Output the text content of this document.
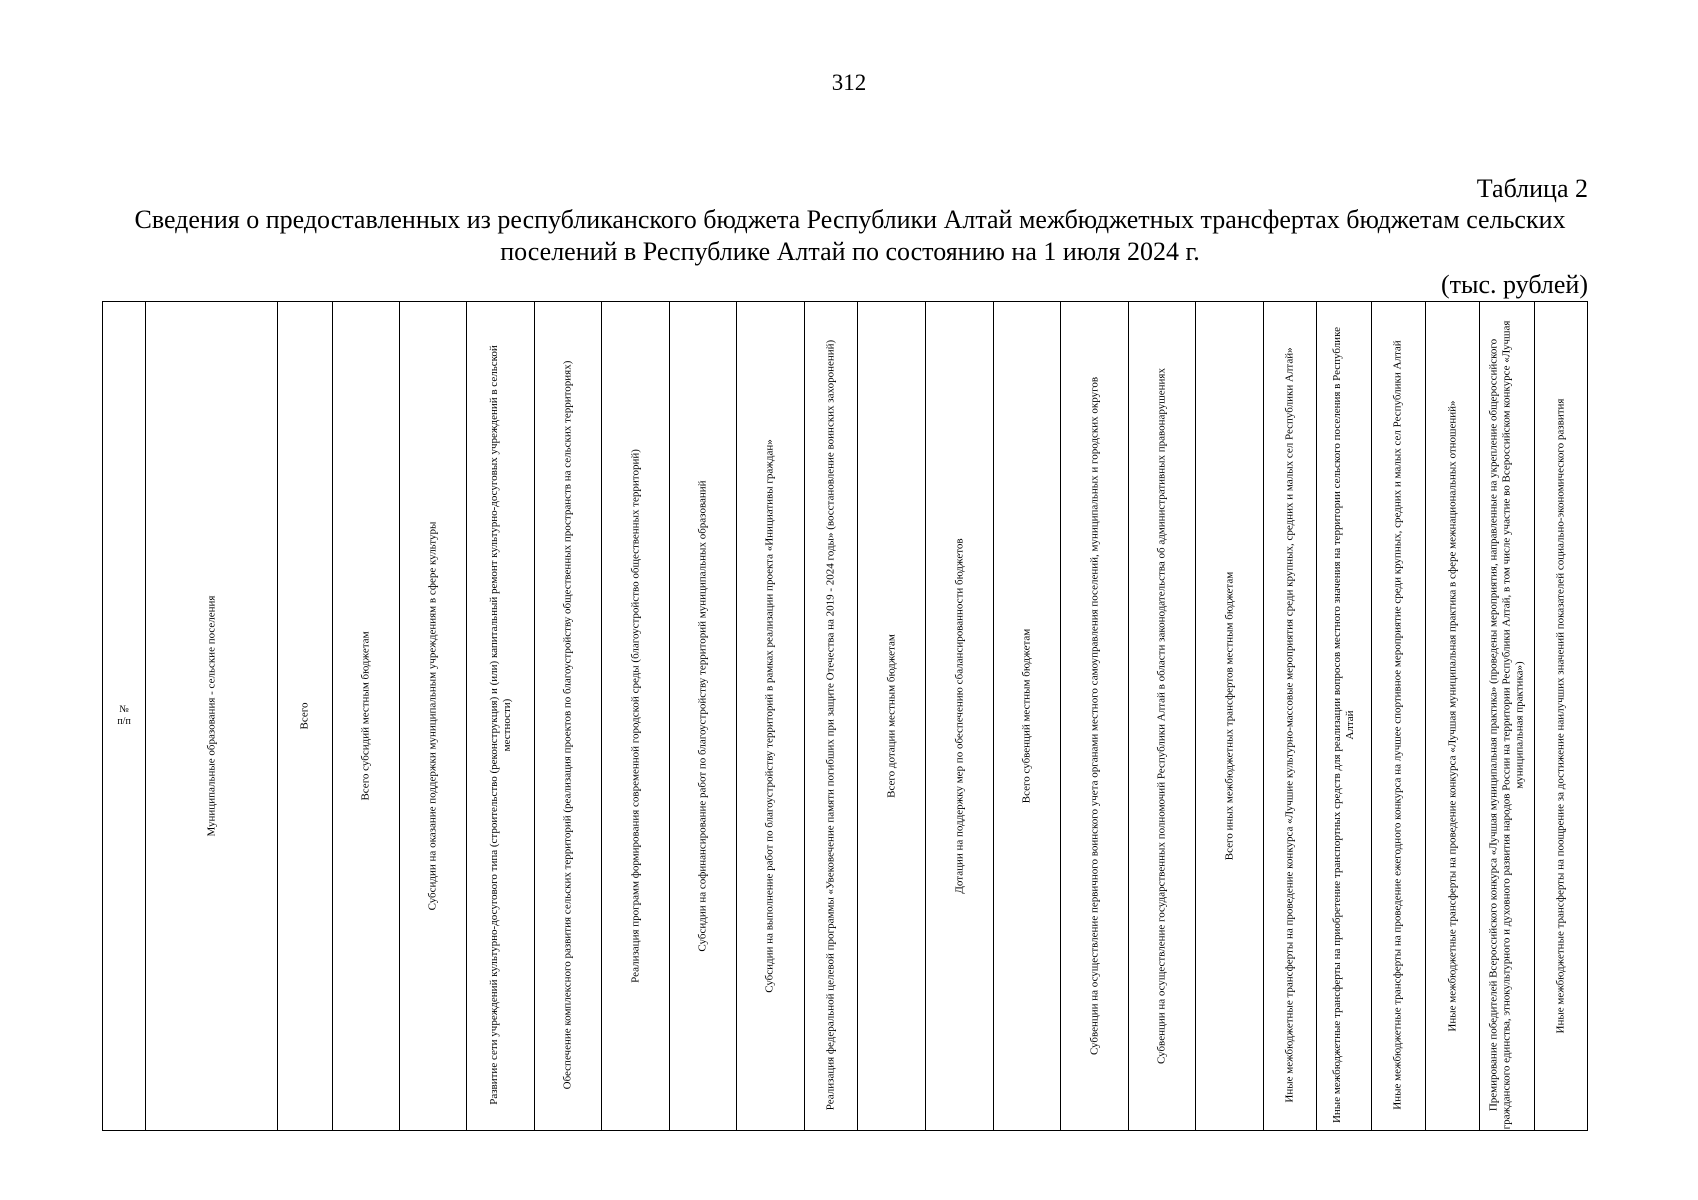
312
Таблица 2
Сведения о предоставленных из республиканского бюджета Республики Алтай межбюджетных трансфертах бюджетам сельских поселений в Республике Алтай по состоянию на 1 июля 2024 г.
(тыс. рублей)
№
п/п	Муниципальные образования - сельские поселения	Всего	Всего субсидий местным бюджетам	Субсидии на оказание поддержки муниципальным учреждениям в сфере культуры	Развитие сети учреждений культурно-досугового типа (строительство (реконструкция) и (или) капитальный ремонт культурно-досуговых учреждений в сельской местности)	Обеспечение комплексного развития сельских территорий (реализация проектов по благоустройству общественных пространств на сельских территориях)	Реализация программ формирования современной городской среды (благоустройство общественных территорий)	Субсидии на софинансирование работ по благоустройству территорий муниципальных образований	Субсидии на выполнение работ по благоустройству территорий в рамках реализации проекта «Инициативы граждан»	Реализация федеральной целевой программы «Увековечение памяти погибших при защите Отечества на 2019 - 2024 годы» (восстановление воинских захоронений)	Всего дотации местным бюджетам	Дотации на поддержку мер по обеспечению сбалансированности бюджетов	Всего субвенций местным бюджетам	Субвенции на осуществление первичного воинского учета органами местного самоуправления поселений, муниципальных и городских округов	Субвенции на осуществление государственных полномочий Республики Алтай в области законодательства об административных правонарушениях	Всего иных межбюджетных трансфертов местным бюджетам	Иные межбюджетные трансферты на проведение конкурса «Лучшие культурно-массовые мероприятия среди крупных, средних и малых сел Республики Алтай»	Иные межбюджетные трансферты на приобретение транспортных средств для реализации вопросов местного значения на территории сельского поселения в Республике Алтай	Иные межбюджетные трансферты на проведение ежегодного конкурса на лучшее спортивное мероприятие среди крупных, средних и малых сел Республики Алтай	Иные межбюджетные трансферты на проведение конкурса «Лучшая муниципальная практика в сфере межнациональных отношений»	Премирование победителей Всероссийского конкурса «Лучшая муниципальная практика» (проведены мероприятия, направленные на укрепление общероссийского гражданского единства, этнокультурного и духовного развития народов России на территории Республики Алтай, в том числе участие во Всероссийском конкурсе «Лучшая муниципальная практика»)	Иные межбюджетные трансферты на поощрение за достижение наилучших значений показателей социально-экономического развития
